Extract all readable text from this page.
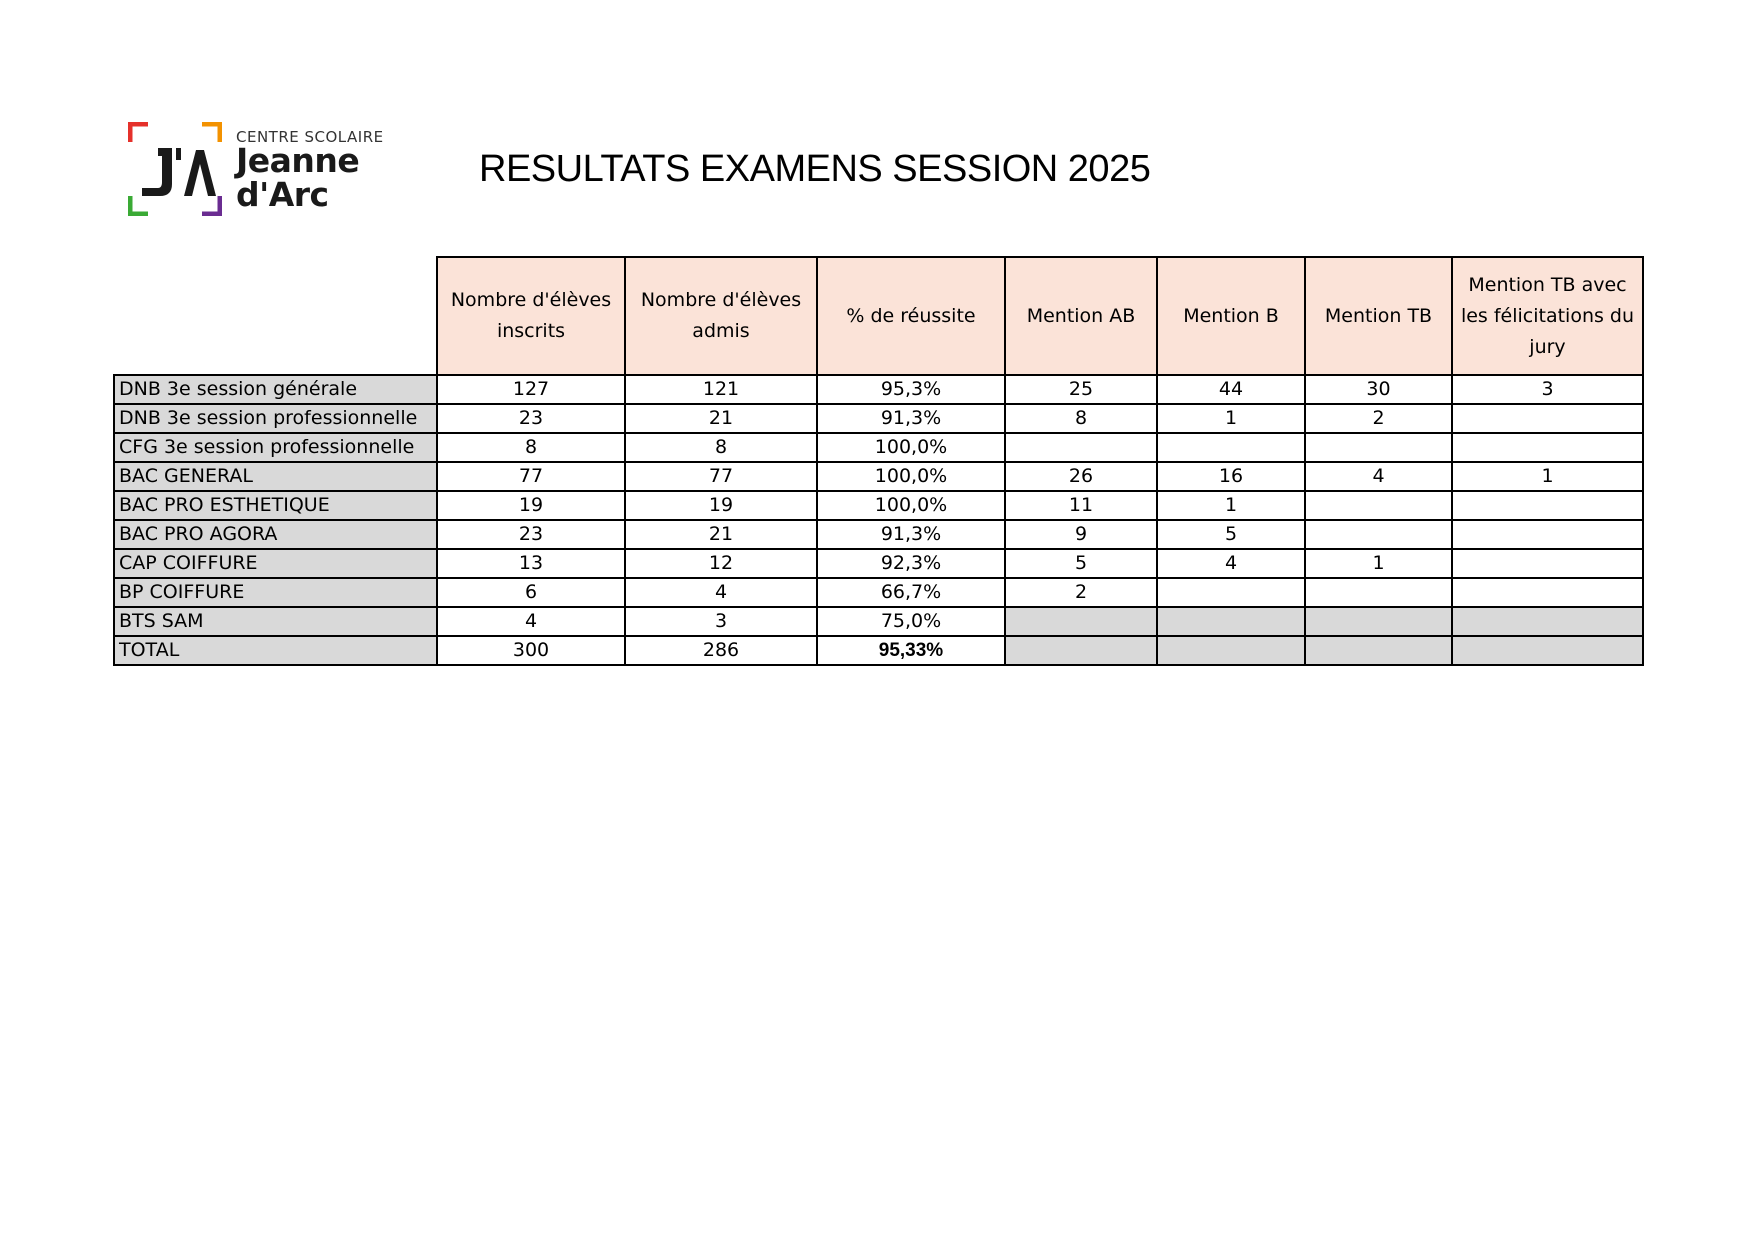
CENTRE SCOLAIRE
Jeanne
d'Arc
RESULTATS EXAMENS SESSION 2025
	Nombre d'élèves inscrits	Nombre d'élèves admis	% de réussite	Mention AB	Mention B	Mention TB	Mention TB avec les félicitations du jury
DNB 3e session générale	127	121	95,3%	25	44	30	3
DNB 3e session professionnelle	23	21	91,3%	8	1	2	
CFG 3e session professionnelle	8	8	100,0%				
BAC GENERAL	77	77	100,0%	26	16	4	1
BAC PRO ESTHETIQUE	19	19	100,0%	11	1		
BAC PRO AGORA	23	21	91,3%	9	5		
CAP COIFFURE	13	12	92,3%	5	4	1	
BP COIFFURE	6	4	66,7%	2			
BTS SAM	4	3	75,0%				
TOTAL	300	286	95,33%				
